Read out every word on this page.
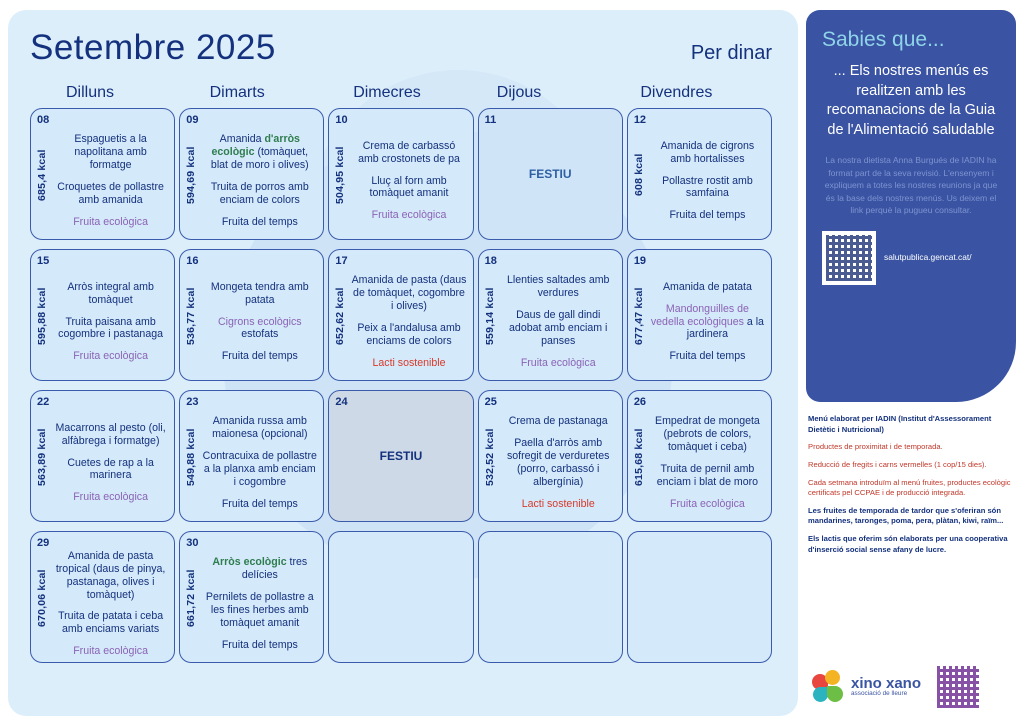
Setembre 2025	Per dinar
Dilluns	Dimarts	Dimecres	Dijous	Divendres
08
685,4 kcal
Espaguetis a la napolitana amb formatge
Croquetes de pollastre amb amanida
Fruita ecològica
09
594,69 kcal
Amanida d'arròs ecològic (tomàquet, blat de moro i olives)
Truita de porros amb enciam de colors
Fruita del temps
10
504,95 kcal
Crema de carbassó amb crostonets de pa
Lluç al forn amb tomàquet amanit
Fruita ecològica
11
FESTIU
12
608 kcal
Amanida de cigrons amb hortalisses
Pollastre rostit amb samfaina
Fruita del temps
15
595,88 kcal
Arròs integral amb tomàquet
Truita paisana amb cogombre i pastanaga
Fruita ecològica
16
536,77 kcal
Mongeta tendra amb patata
Cigrons ecològics estofats
Fruita del temps
17
652,62 kcal
Amanida de pasta (daus de tomàquet, cogombre i olives)
Peix a l'andalusa amb enciams de colors
Lacti sostenible
18
559,14 kcal
Llenties saltades amb verdures
Daus de gall dindi adobat amb enciam i panses
Fruita ecològica
19
677,47 kcal
Amanida de patata
Mandonguilles de vedella ecològiques a la jardinera
Fruita del temps
22
563,89 kcal
Macarrons al pesto (oli, alfàbrega i formatge)
Cuetes de rap a la marinera
Fruita ecològica
23
549,88 kcal
Amanida russa amb maionesa (opcional)
Contracuixa de pollastre a la planxa amb enciam i cogombre
Fruita del temps
24
FESTIU
25
532,52 kcal
Crema de pastanaga
Paella d'arròs amb sofregit de verduretes (porro, carbassó i albergínia)
Lacti sostenible
26
615,68 kcal
Empedrat de mongeta (pebrots de colors, tomàquet i ceba)
Truita de pernil amb enciam i blat de moro
Fruita ecològica
29
670,06 kcal
Amanida de pasta tropical (daus de pinya, pastanaga, olives i tomàquet)
Truita de patata i ceba amb enciams variats
Fruita ecològica
30
661,72 kcal
Arròs ecològic tres delícies
Pernilets de pollastre a les fines herbes amb tomàquet amanit
Fruita del temps
Sabies que...
... Els nostres menús es realitzen amb les recomanacions de la Guia de l'Alimentació saludable
La nostra dietista Anna Burgués de IADIN ha format part de la seva revisió. L'ensenyem i expliquem a totes les nostres reunions ja que és la base dels nostres menús. Us deixem el link perquè la pugueu consultar.
salutpublica.gencat.cat/
Menú elaborat per IADIN (Institut d'Assessorament Dietètic i Nutricional)
Productes de proximitat i de temporada.
Reducció de fregits i carns vermelles (1 cop/15 dies).
Cada setmana introduïm al menú fruites, productes ecològic certificats pel CCPAE i de producció integrada.
Les fruites de temporada de tardor que s'oferiran són mandarines, taronges, poma, pera, plàtan, kiwi, raïm...
Els lactis que oferim són elaborats per una cooperativa d'inserció social sense afany de lucre.
xino xano
associació de lleure
